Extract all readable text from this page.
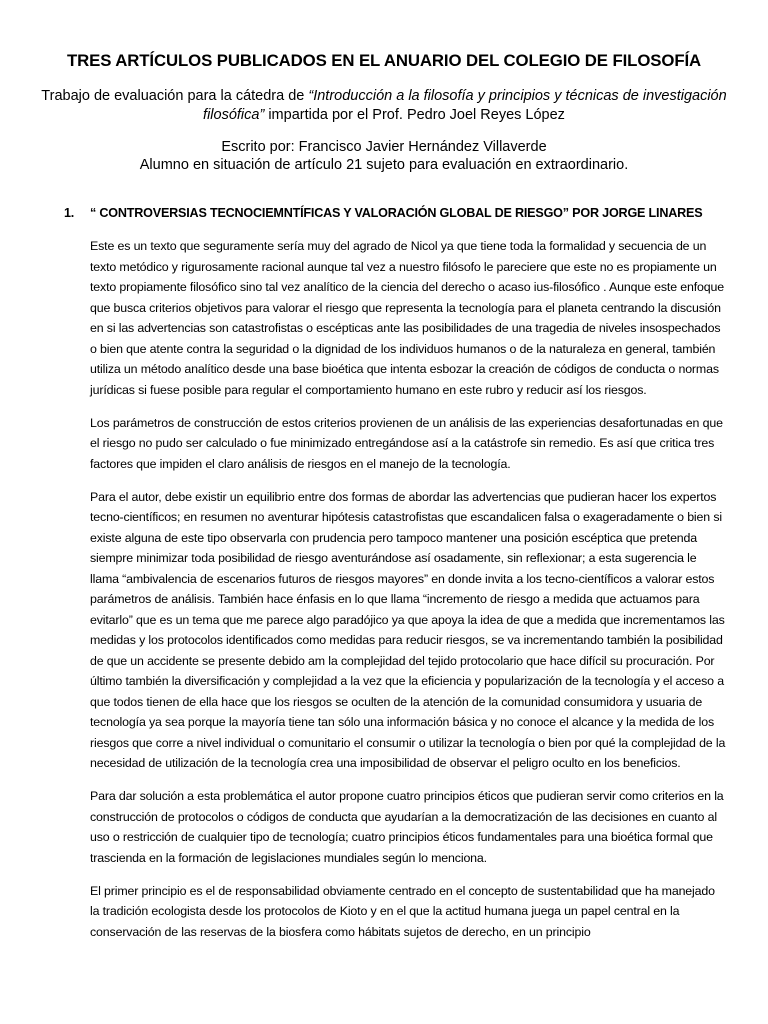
TRES ARTÍCULOS PUBLICADOS EN EL ANUARIO DEL COLEGIO DE FILOSOFÍA

Trabajo de evaluación para la cátedra de “Introducción a la filosofía y principios y técnicas de investigación filosófica” impartida por el Prof. Pedro Joel Reyes López

Escrito por: Francisco Javier Hernández Villaverde
Alumno en situación de artículo 21 sujeto para evaluación en extraordinario.
1. “ CONTROVERSIAS TECNOCIEMNTÍFICAS Y VALORACIÓN GLOBAL DE RIESGO” POR JORGE LINARES

Este es un texto que seguramente sería muy del agrado de Nicol ya que tiene toda la formalidad y secuencia de un texto metódico y rigurosamente racional aunque tal vez a nuestro filósofo le pareciere que este no es propiamente un texto propiamente filosófico sino tal vez analítico de la ciencia del derecho o acaso ius-filosófico . Aunque este enfoque que busca criterios objetivos para valorar el riesgo que representa la tecnología para el planeta centrando la discusión en si las advertencias son catastrofistas o escépticas ante las posibilidades de una tragedia de niveles insospechados o bien que atente contra la seguridad o la dignidad de los individuos humanos o de la naturaleza en general, también utiliza un método analítico desde una base bioética que intenta esbozar la creación de códigos de conducta o normas jurídicas si fuese posible para regular el comportamiento humano en este rubro y reducir así los riesgos.

Los parámetros de construcción de estos criterios provienen de un análisis de las experiencias desafortunadas en que el riesgo no pudo ser calculado o fue minimizado entregándose así a la catástrofe sin remedio. Es así que critica tres factores que impiden el claro análisis de riesgos en el manejo de la tecnología.

Para el autor, debe existir un equilibrio entre dos formas de abordar las advertencias que pudieran hacer los expertos tecno-científicos; en resumen no aventurar hipótesis catastrofistas que escandalicen falsa o exageradamente o bien si existe alguna de este tipo observarla con prudencia pero tampoco mantener una posición escéptica que pretenda siempre minimizar toda posibilidad de riesgo aventurándose así osadamente, sin reflexionar; a esta sugerencia le llama “ambivalencia de escenarios futuros de riesgos mayores” en donde invita a los tecno-científicos a valorar estos parámetros de análisis. También hace énfasis en lo que llama “incremento de riesgo a medida que actuamos para evitarlo” que es un tema que me parece algo paradójico ya que apoya la idea de que a medida que incrementamos las medidas y los protocolos identificados como medidas para reducir riesgos, se va incrementando también la posibilidad de que un accidente se presente debido am la complejidad del tejido protocolario que hace difícil su procuración. Por último también la diversificación y complejidad a la vez que la eficiencia y popularización de la tecnología y el acceso a que todos tienen de ella hace que los riesgos se oculten de la atención de la comunidad consumidora y usuaria de tecnología ya sea porque la mayoría tiene tan sólo una información básica y no conoce el alcance y la medida de los riesgos que corre a nivel individual o comunitario el consumir o utilizar la tecnología o bien por qué la complejidad de la necesidad de utilización de la tecnología crea una imposibilidad de observar el peligro oculto en los beneficios.

Para dar solución a esta problemática el autor propone cuatro principios éticos que pudieran servir como criterios en la construcción de protocolos o códigos de conducta que ayudarían a la democratización de las decisiones en cuanto al uso o restricción de cualquier tipo de tecnología; cuatro principios éticos fundamentales para una bioética formal que trascienda en la formación de legislaciones mundiales según lo menciona.

El primer principio es el de responsabilidad obviamente centrado en el concepto de sustentabilidad que ha manejado la tradición ecologista desde los protocolos de Kioto y en el que la actitud humana juega un papel central en la conservación de las reservas de la biosfera como hábitats sujetos de derecho, en un principio
